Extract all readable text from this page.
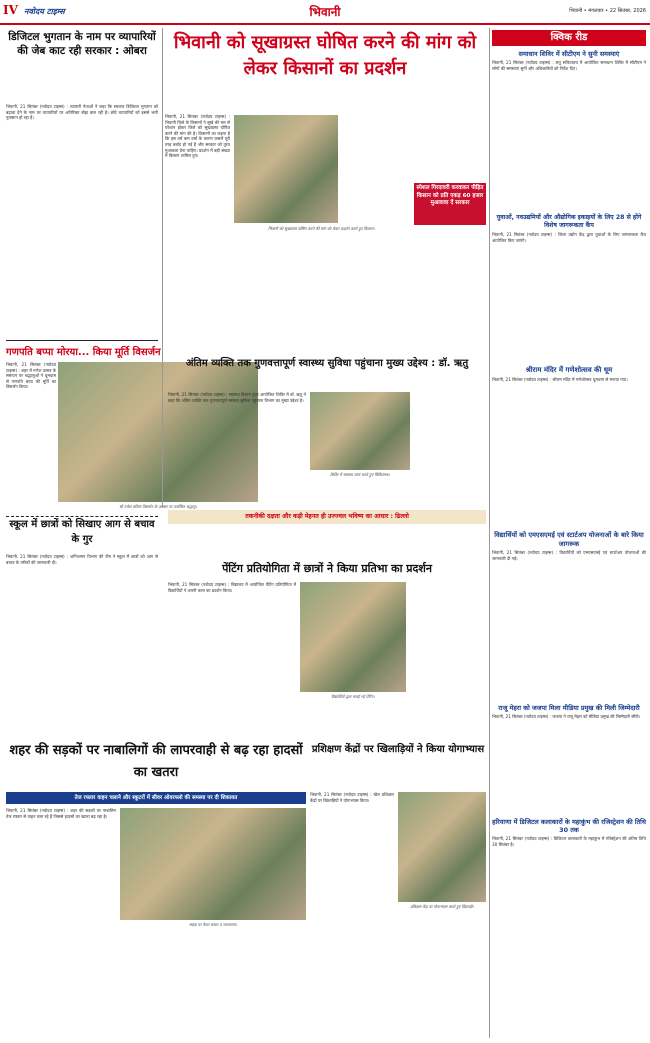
IV नवोदय टाइम्स	भिवानी	भिवानी • मंगलवार • 22 सितंबर, 2026
डिजिटल भुगतान के नाम पर व्यापारियों की जेब काट रही सरकार : ओबरा

भिवानी, 21 सितंबर (नवोदय टाइम्स) : व्यापारी नेताओं ने कहा कि सरकार डिजिटल भुगतान को बढ़ावा देने के नाम पर व्यापारियों पर अतिरिक्त बोझ डाल रही है। छोटे व्यापारियों को इससे भारी नुकसान हो रहा है।

भिवानी को सूखाग्रस्त घोषित करने की मांग को लेकर किसानों का प्रदर्शन

भिवानी, 21 सितंबर (नवोदय टाइम्स) : भिवानी जिले के किसानों ने सूखे की मार से परेशान होकर जिले को सूखाग्रस्त घोषित करने की मांग की है। किसानों का कहना है कि इस वर्ष कम वर्षा के कारण फसलें पूरी तरह बर्बाद हो गई हैं और सरकार को तुरंत मुआवजा देना चाहिए। प्रदर्शन में बड़ी संख्या में किसान शामिल हुए।

भिवानी को सूखाग्रस्त घोषित करने की मांग को लेकर प्रदर्शन करते हुए किसान।
स्पेशल गिरदावरी करवाकर पीड़ित किसान को प्रति एकड़ 60 हजार मुआवजा दें सरकार
गणपति बप्पा मोरया... किया मूर्ति विसर्जन

भिवानी, 21 सितंबर (नवोदय टाइम्स) : शहर में गणेश उत्सव के समापन पर श्रद्धालुओं ने धूमधाम से गणपति बप्पा की मूर्ति का विसर्जन किया।

श्री गणेश प्रतिमा विसर्जन के अवसर पर उपस्थित श्रद्धालु।
अंतिम व्यक्ति तक गुणवत्तापूर्ण स्वास्थ्य सुविधा पहुंचाना मुख्य उद्देश्य : डॉ. ऋतु

भिवानी, 21 सितंबर (नवोदय टाइम्स) : स्वास्थ्य विभाग द्वारा आयोजित शिविर में डॉ. ऋतु ने कहा कि अंतिम व्यक्ति तक गुणवत्तापूर्ण स्वास्थ्य सुविधा पहुंचाना विभाग का मुख्य उद्देश्य है।

शिविर में स्वास्थ्य जांच करते हुए चिकित्सक।
स्कूल में छात्रों को सिखाए आग से बचाव के गुर

भिवानी, 21 सितंबर (नवोदय टाइम्स) : अग्निशमन विभाग की टीम ने स्कूल में छात्रों को आग से बचाव के तरीकों की जानकारी दी।

तकनीकी दक्षता और कड़ी मेहनत ही उज्ज्वल भविष्य का आधार : ढिल्लो
पेंटिंग प्रतियोगिता में छात्रों ने किया प्रतिभा का प्रदर्शन

भिवानी, 21 सितंबर (नवोदय टाइम्स) : विद्यालय में आयोजित पेंटिंग प्रतियोगिता में विद्यार्थियों ने अपनी कला का प्रदर्शन किया।

विद्यार्थियों द्वारा बनाई गई पेंटिंग।
शहर की सड़कों पर नाबालिगों की लापरवाही से बढ़ रहा हादसों का खतरा
तेज रफ्तार वाहन चलाने और स्कूटरों में सीवर ओवरफ्लो की समस्या पर दी शिकायत

भिवानी, 21 सितंबर (नवोदय टाइम्स) : शहर की सड़कों पर नाबालिग तेज रफ्तार से वाहन चला रहे हैं जिससे हादसों का खतरा बढ़ रहा है।

सड़क पर फैला कचरा व जलभराव।
प्रशिक्षण केंद्रों पर खिलाड़ियों ने किया योगाभ्यास

भिवानी, 21 सितंबर (नवोदय टाइम्स) : खेल प्रशिक्षण केंद्रों पर खिलाड़ियों ने योगाभ्यास किया।

प्रशिक्षण केंद्र पर योगाभ्यास करते हुए खिलाड़ी।
क्विक रीड
समाधान शिविर में सीटीएम ने सुनी समस्याएं
भिवानी, 21 सितंबर (नवोदय टाइम्स) : लघु सचिवालय में आयोजित समाधान शिविर में सीटीएम ने लोगों की समस्याएं सुनीं और अधिकारियों को निर्देश दिए।
युवाओं, नवउद्यमियों और औद्योगिक इकाइयों के लिए 28 से होंगे विशेष जागरूकता कैंप
भिवानी, 21 सितंबर (नवोदय टाइम्स) : जिला उद्योग केंद्र द्वारा युवाओं के लिए जागरूकता कैंप आयोजित किए जाएंगे।
श्रीराम मंदिर में गणेशोत्सव की धूम
भिवानी, 21 सितंबर (नवोदय टाइम्स) : श्रीराम मंदिर में गणेशोत्सव धूमधाम से मनाया गया।
विद्यार्थियों को एमएसएमई एवं स्टार्टअप योजनाओं के बारे किया जागरूक
भिवानी, 21 सितंबर (नवोदय टाइम्स) : विद्यार्थियों को एमएसएमई एवं स्टार्टअप योजनाओं की जानकारी दी गई।
राजू मेहरा को जजपा मिला मीडिया प्रमुख की मिली जिम्मेदारी
भिवानी, 21 सितंबर (नवोदय टाइम्स) : जजपा ने राजू मेहरा को मीडिया प्रमुख की जिम्मेदारी सौंपी।
हरियाणा में डिजिटल कलाकारों के महाकुंभ की रजिस्ट्रेशन की तिथि 30 तक
भिवानी, 21 सितंबर (नवोदय टाइम्स) : डिजिटल कलाकारों के महाकुंभ में रजिस्ट्रेशन की अंतिम तिथि 30 सितंबर है।
